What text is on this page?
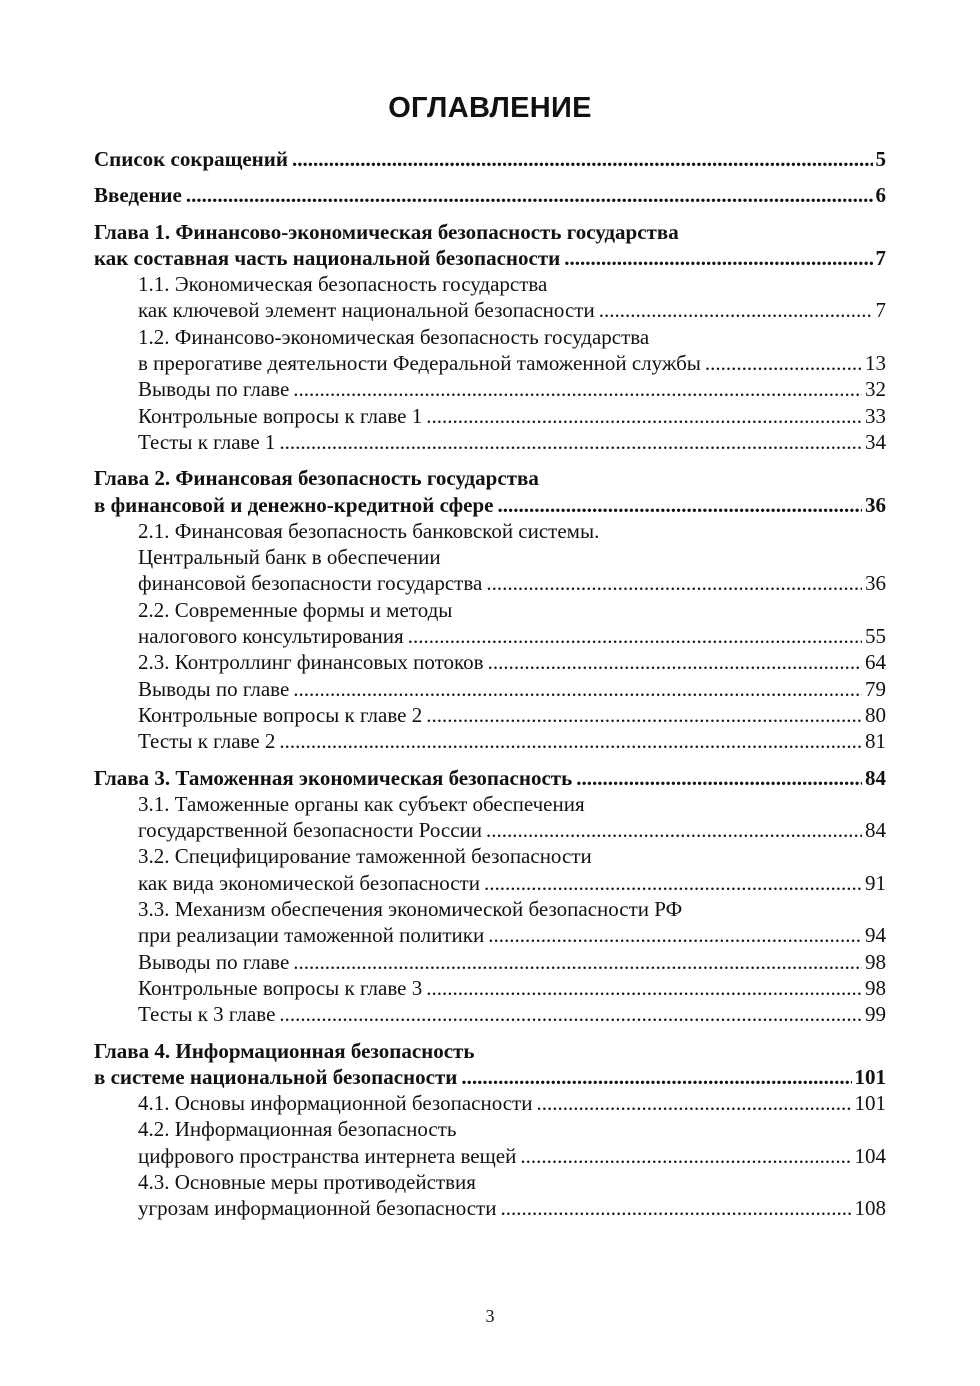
ОГЛАВЛЕНИЕ
Список сокращений .....	5
Введение .....	6
Глава 1. Финансово-экономическая безопасность государства
как составная часть национальной безопасности .....	7
1.1. Экономическая безопасность государства
как ключевой элемент национальной безопасности .....	7
1.2. Финансово-экономическая безопасность государства
в прерогативе деятельности Федеральной таможенной службы .....	13
Выводы по главе .....	32
Контрольные вопросы к главе 1 .....	33
Тесты к главе 1 .....	34
Глава 2. Финансовая безопасность государства
в финансовой и денежно-кредитной сфере .....	36
2.1. Финансовая безопасность банковской системы.
Центральный банк в обеспечении
финансовой безопасности государства .....	36
2.2. Современные формы и методы
налогового консультирования .....	55
2.3. Контроллинг финансовых потоков .....	64
Выводы по главе .....	79
Контрольные вопросы к главе 2 .....	80
Тесты к главе 2 .....	81
Глава 3. Таможенная экономическая безопасность .....	84
3.1. Таможенные органы как субъект обеспечения
государственной безопасности России .....	84
3.2. Специфицирование таможенной безопасности
как вида экономической безопасности .....	91
3.3. Механизм обеспечения экономической безопасности РФ
при реализации таможенной политики .....	94
Выводы по главе .....	98
Контрольные вопросы к главе 3 .....	98
Тесты к 3 главе .....	99
Глава 4. Информационная безопасность
в системе национальной безопасности .....	101
4.1. Основы информационной безопасности .....	101
4.2. Информационная безопасность
цифрового пространства интернета вещей .....	104
4.3. Основные меры противодействия
угрозам информационной безопасности .....	108
3
